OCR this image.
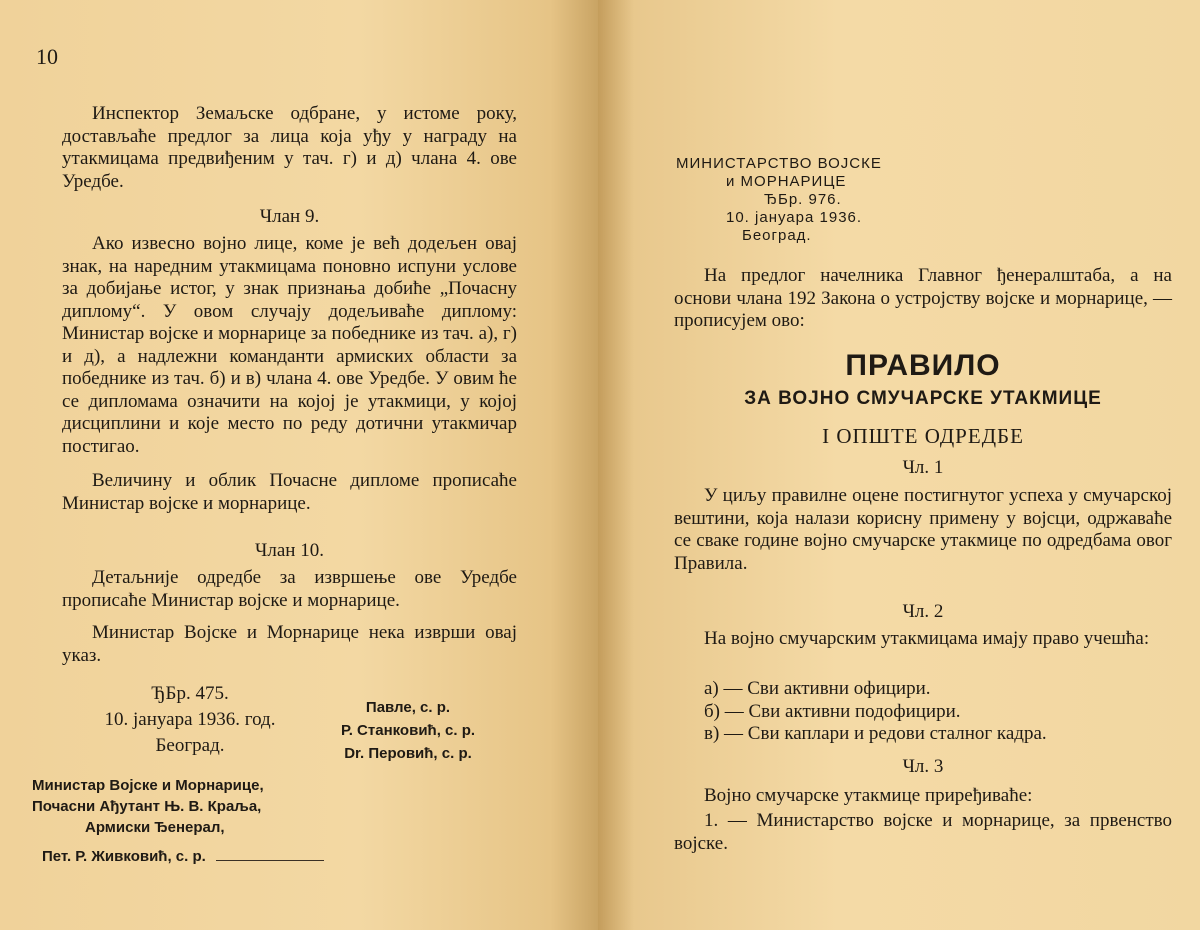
10

Инспектор Земаљске одбране, у истоме року, достављаће предлог за лица која уђу у награду на утакмицама предвиђеним у тач. г) и д) члана 4. ове Уредбе.

Члан 9.

Ако извесно војно лице, коме је већ додељен овај знак, на наредним утакмицама поновно испуни услове за добијање истог, у знак признања добиће „Почасну диплому“. У овом случају додељиваће диплому: Министар војске и морнарице за победнике из тач. а), г) и д), а надлежни команданти армиских области за победнике из тач. б) и в) члана 4. ове Уредбе. У овим ће се дипломама означити на којој је утакмици, у којој дисциплини и које место по реду дотични утакмичар постигао.

Величину и облик Почасне дипломе прописаће Министар војске и морнарице.

Члан 10.

Детаљније одредбе за извршење ове Уредбе прописаће Министар војске и морнарице.

Министар Војске и Морнарице нека изврши овај указ.

ЂБр. 475.
10. јануара 1936. год.
Београд.
Павле, с. р.
Р. Станковић, с. р.
Dr. Перовић, с. р.
Министар Војске и Морнарице,
Почасни Ађутант Њ. В. Краља,
Армиски Ђенерал,
Пет. Р. Живковић, с. р.
МИНИСТАРСТВО ВОЈСКЕ
и МОРНАРИЦЕ
ЂБр. 976.
10. јануара 1936.
Београд.

На предлог начелника Главног ђенералштаба, а на основи члана 192 Закона о устројству војске и морнарице, — прописујем ово:

ПРАВИЛО
ЗА ВОЈНО СМУЧАРСКЕ УТАКМИЦЕ
I ОПШТЕ ОДРЕДБЕ
Чл. 1

У циљу правилне оцене постигнутог успеха у смучарској вештини, која налази корисну примену у војсци, одржаваће се сваке године војно смучарске утакмице по одредбама овог Правила.

Чл. 2

На војно смучарским утакмицама имају право учешћа:

а) — Сви активни официри.
б) — Сви активни подофицири.
в) — Сви каплари и редови сталног кадра.
Чл. 3

Војно смучарске утакмице приређиваће:

1. — Министарство војске и морнарице, за првенство војске.
